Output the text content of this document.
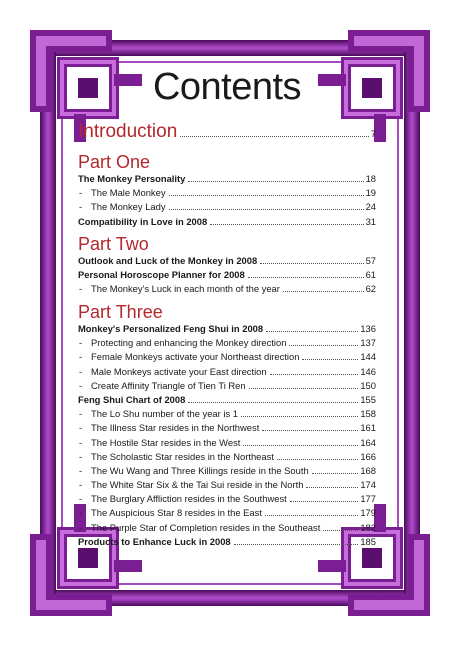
Contents
Introduction	7
Part One
The Monkey Personality	18
- The Male Monkey	19
- The Monkey Lady	24
Compatibility in Love in 2008	31
Part Two
Outlook and Luck of the Monkey in 2008	57
Personal Horoscope Planner for 2008	61
- The Monkey's Luck in each month of the year	62
Part Three
Monkey's Personalized Feng Shui in 2008	136
- Protecting and enhancing the Monkey direction	137
- Female Monkeys activate your Northeast direction	144
- Male Monkeys activate your East direction	146
- Create Affinity Triangle of Tien Ti Ren	150
Feng Shui Chart of 2008	155
- The Lo Shu number of the year is 1	158
- The Illness Star resides in the Northwest	161
- The Hostile Star resides in the West	164
- The Scholastic Star resides in the Northeast	166
- The Wu Wang and Three Killings reside in the South	168
- The White Star Six & the Tai Sui reside in the North	174
- The Burglary Affliction resides in the Southwest	177
- The Auspicious Star 8 resides in the East	179
- The Purple Star of Completion resides in the Southeast	182
Products to Enhance Luck in 2008	185
